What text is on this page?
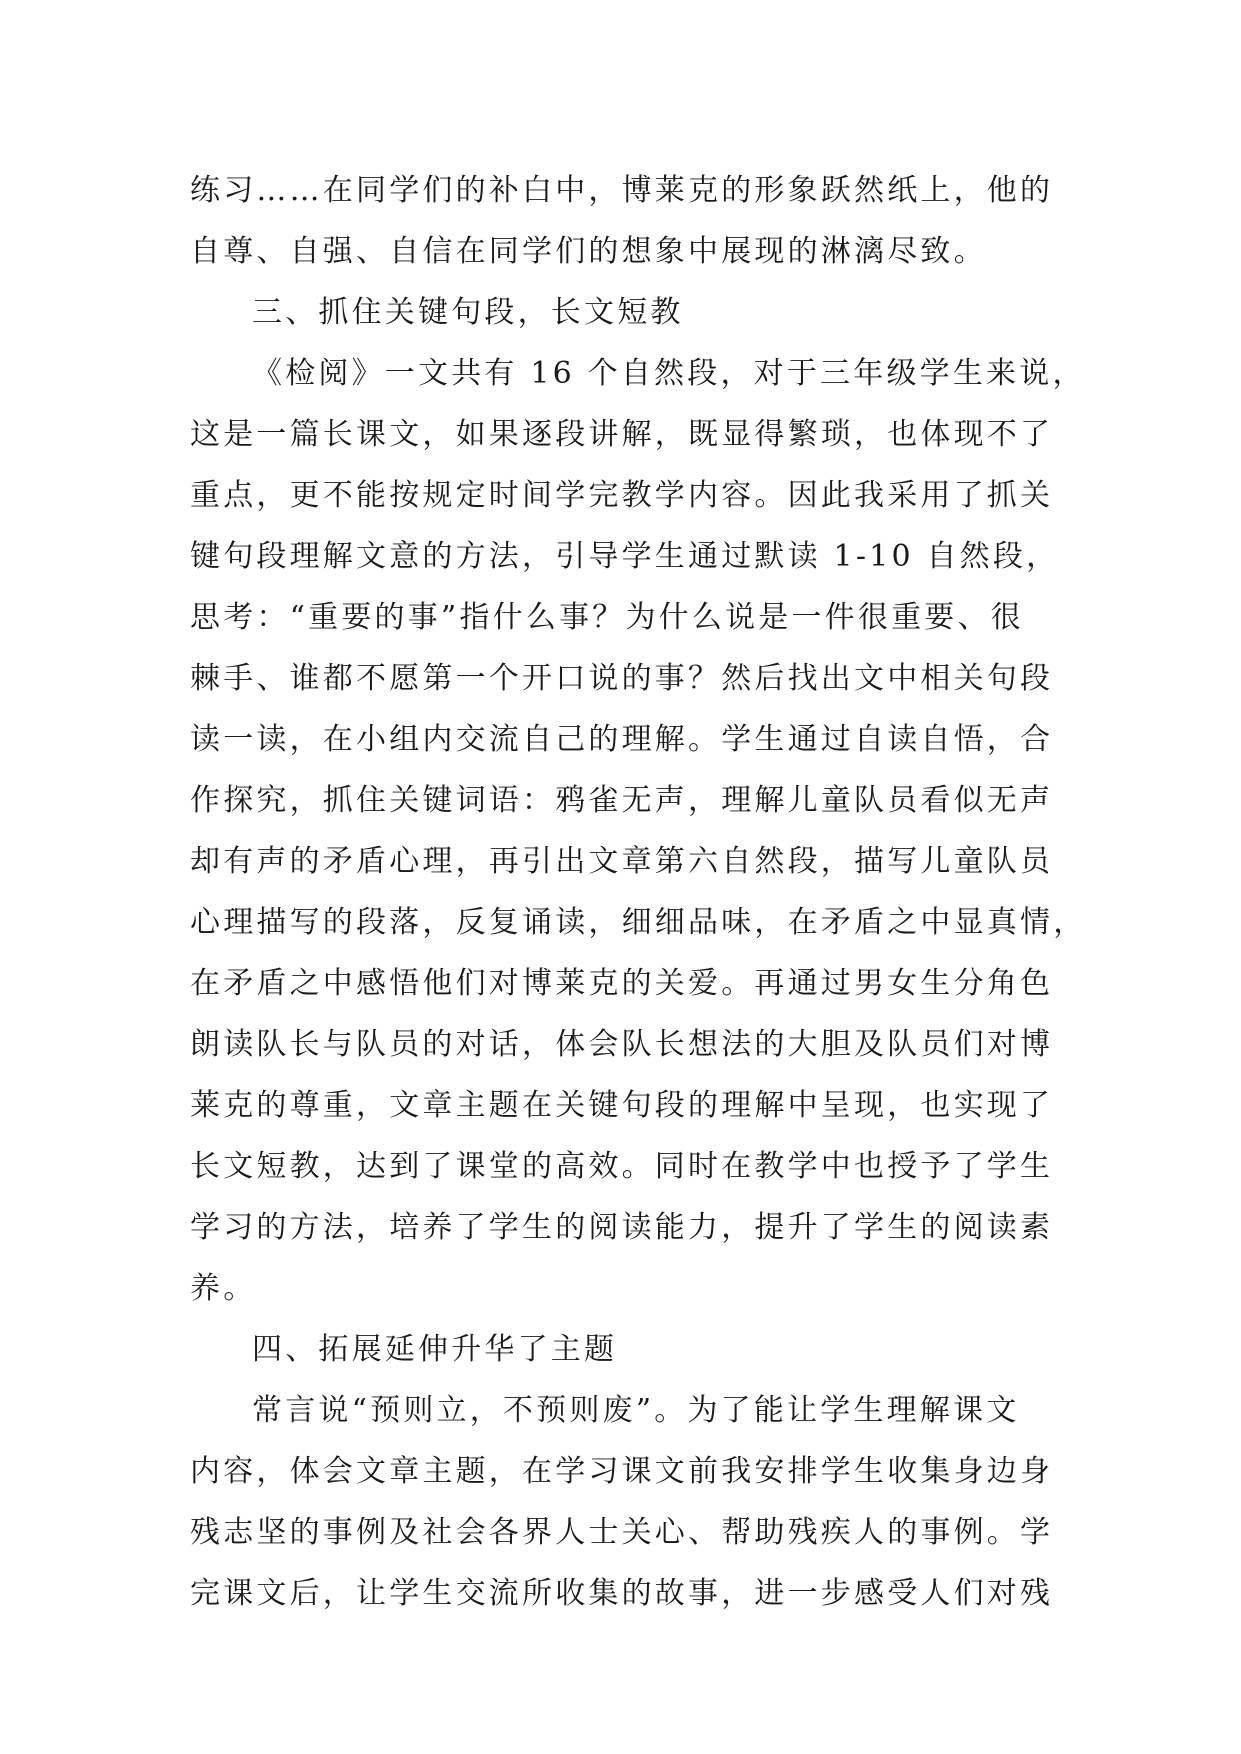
练习……在同学们的补白中，博莱克的形象跃然纸上，他的
自尊、自强、自信在同学们的想象中展现的淋漓尽致。
三、抓住关键句段，长文短教
《检阅》一文共有 16 个自然段，对于三年级学生来说，
这是一篇长课文，如果逐段讲解，既显得繁琐，也体现不了
重点，更不能按规定时间学完教学内容。因此我采用了抓关
键句段理解文意的方法，引导学生通过默读 1-10 自然段，
思考：“重要的事”指什么事？为什么说是一件很重要、很
棘手、谁都不愿第一个开口说的事？然后找出文中相关句段
读一读，在小组内交流自己的理解。学生通过自读自悟，合
作探究，抓住关键词语：鸦雀无声，理解儿童队员看似无声
却有声的矛盾心理，再引出文章第六自然段，描写儿童队员
心理描写的段落，反复诵读，细细品味，在矛盾之中显真情，
在矛盾之中感悟他们对博莱克的关爱。再通过男女生分角色
朗读队长与队员的对话，体会队长想法的大胆及队员们对博
莱克的尊重，文章主题在关键句段的理解中呈现，也实现了
长文短教，达到了课堂的高效。同时在教学中也授予了学生
学习的方法，培养了学生的阅读能力，提升了学生的阅读素
养。
四、拓展延伸升华了主题
常言说“预则立，不预则废”。为了能让学生理解课文
内容，体会文章主题，在学习课文前我安排学生收集身边身
残志坚的事例及社会各界人士关心、帮助残疾人的事例。学
完课文后，让学生交流所收集的故事，进一步感受人们对残
